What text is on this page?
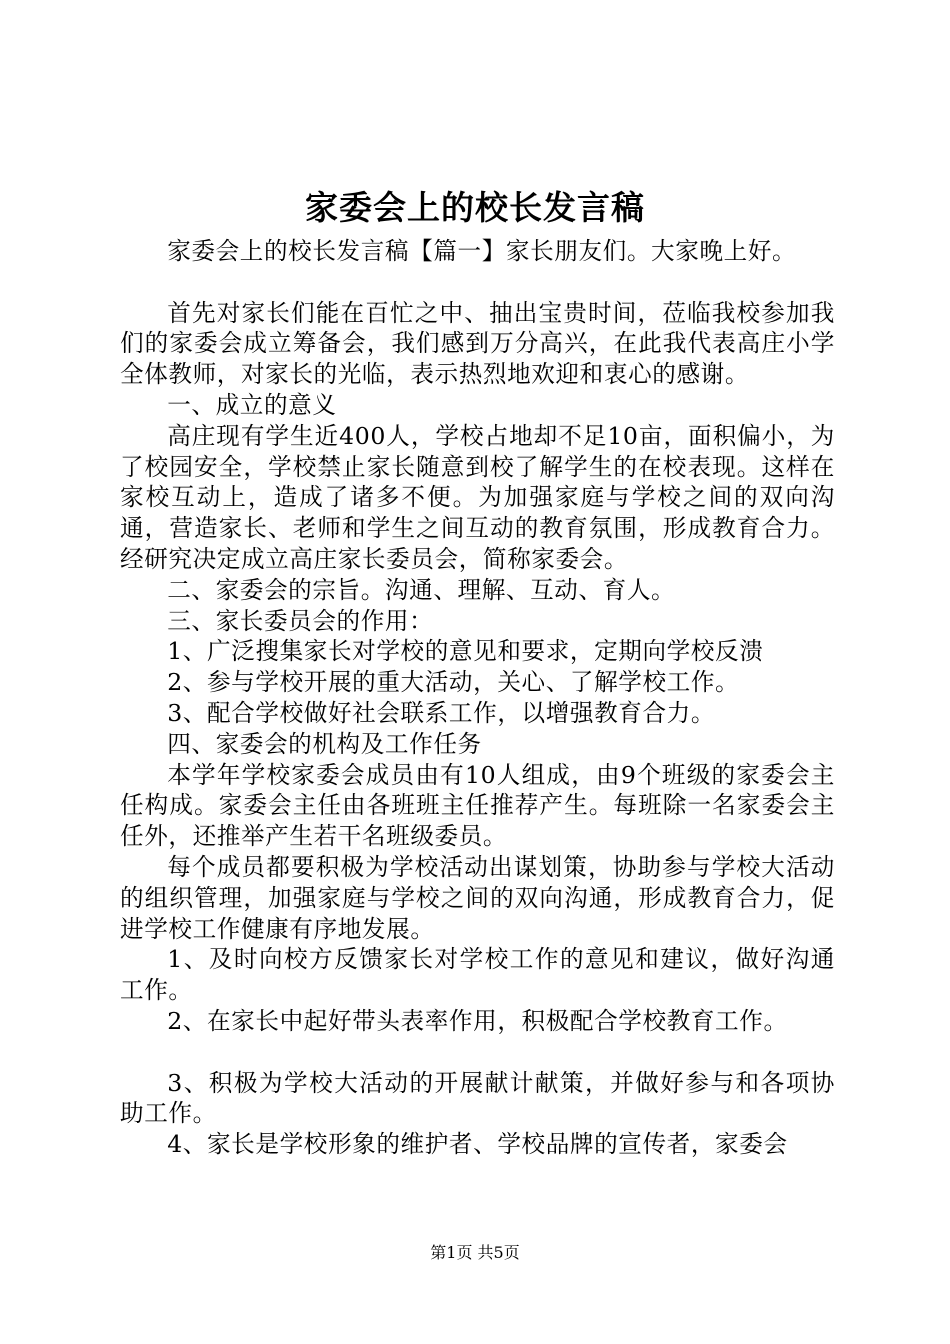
家委会上的校长发言稿

家委会上的校长发言稿【篇一】家长朋友们。大家晚上好。

首先对家长们能在百忙之中、抽出宝贵时间，莅临我校参加我们的家委会成立筹备会，我们感到万分高兴，在此我代表高庄小学全体教师，对家长的光临，表示热烈地欢迎和衷心的感谢。

一、成立的意义

高庄现有学生近400人，学校占地却不足10亩，面积偏小，为了校园安全，学校禁止家长随意到校了解学生的在校表现。这样在家校互动上，造成了诸多不便。为加强家庭与学校之间的双向沟通，营造家长、老师和学生之间互动的教育氛围，形成教育合力。经研究决定成立高庄家长委员会，简称家委会。

二、家委会的宗旨。沟通、理解、互动、育人。

三、家长委员会的作用：

1、广泛搜集家长对学校的意见和要求，定期向学校反溃

2、参与学校开展的重大活动，关心、了解学校工作。

3、配合学校做好社会联系工作，以增强教育合力。

四、家委会的机构及工作任务

本学年学校家委会成员由有10人组成，由9个班级的家委会主任构成。家委会主任由各班班主任推荐产生。每班除一名家委会主任外，还推举产生若干名班级委员。

每个成员都要积极为学校活动出谋划策，协助参与学校大活动的组织管理，加强家庭与学校之间的双向沟通，形成教育合力，促进学校工作健康有序地发展。

1、及时向校方反馈家长对学校工作的意见和建议，做好沟通工作。

2、在家长中起好带头表率作用，积极配合学校教育工作。

3、积极为学校大活动的开展献计献策，并做好参与和各项协助工作。

4、家长是学校形象的维护者、学校品牌的宣传者，家委会

第1页 共5页
